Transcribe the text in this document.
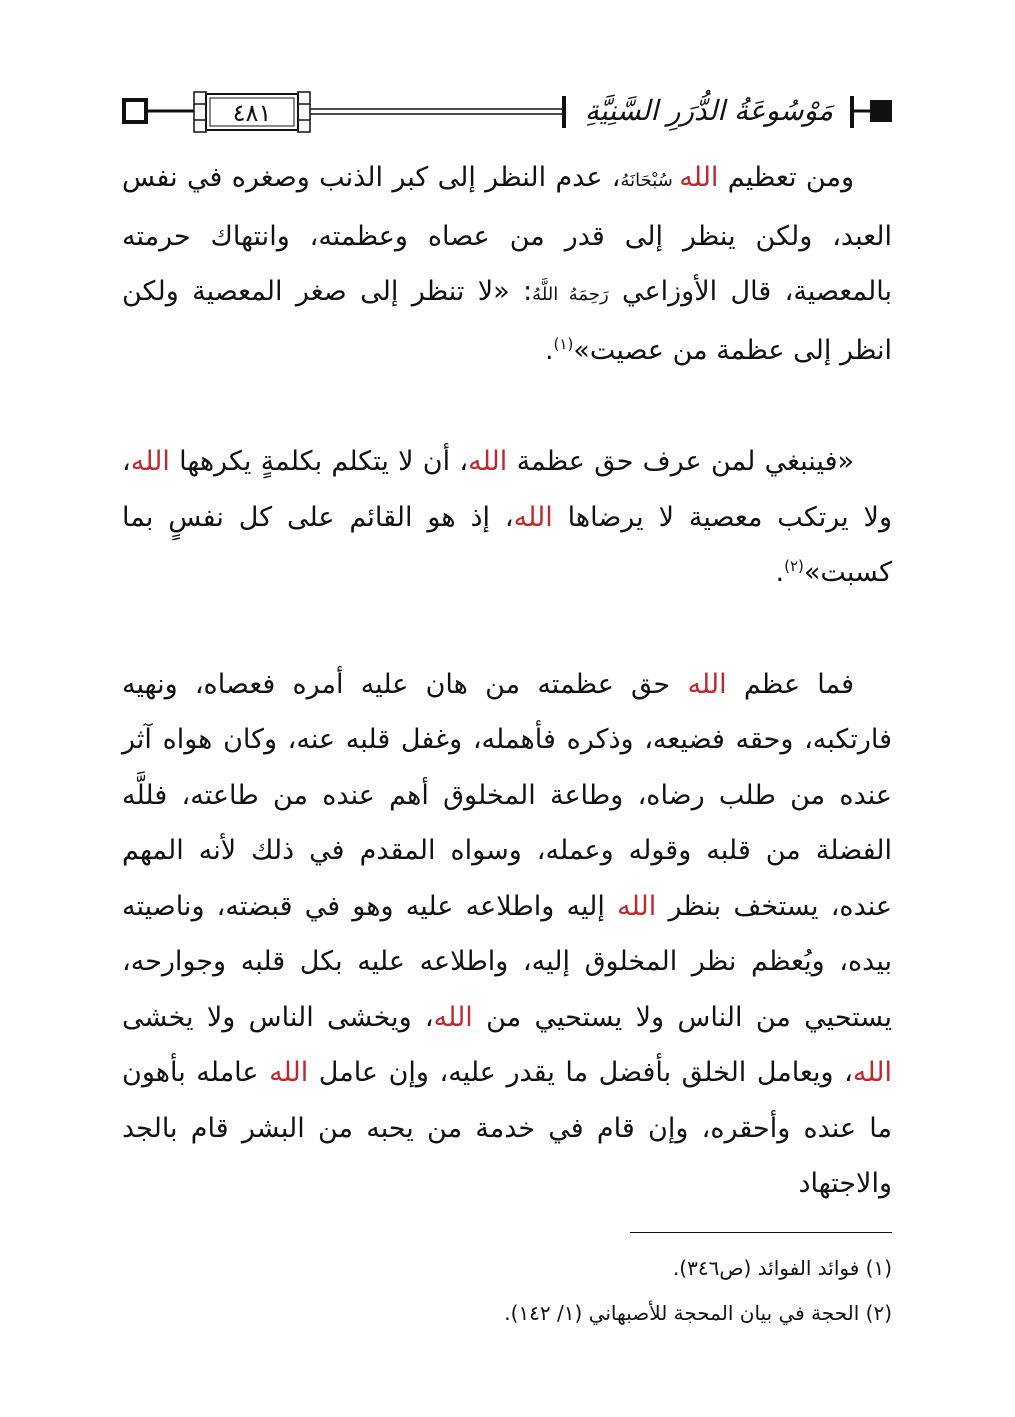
٤٨١	مَوْسُوعَةُ الدُّرَرِ السَّنِيَّةِ

ومن تعظيم الله سُبْحَانَهُ، عدم النظر إلى كبر الذنب وصغره في نفس العبد، ولكن ينظر إلى قدر من عصاه وعظمته، وانتهاك حرمته بالمعصية، قال الأوزاعي رَحِمَهُ اللَّهُ: «لا تنظر إلى صغر المعصية ولكن انظر إلى عظمة من عصيت»$^{(١)}$.

«فينبغي لمن عرف حق عظمة الله، أن لا يتكلم بكلمةٍ يكرهها الله، ولا يرتكب معصية لا يرضاها الله، إذ هو القائم على كل نفسٍ بما كسبت»$^{(٢)}$.

فما عظم الله حق عظمته من هان عليه أمره فعصاه، ونهيه فارتكبه، وحقه فضيعه، وذكره فأهمله، وغفل قلبه عنه، وكان هواه آثر عنده من طلب رضاه، وطاعة المخلوق أهم عنده من طاعته، فللَّه الفضلة من قلبه وقوله وعمله، وسواه المقدم في ذلك لأنه المهم عنده، يستخف بنظر الله إليه واطلاعه عليه وهو في قبضته، وناصيته بيده، ويُعظم نظر المخلوق إليه، واطلاعه عليه بكل قلبه وجوارحه، يستحيي من الناس ولا يستحيي من الله، ويخشى الناس ولا يخشى الله، ويعامل الخلق بأفضل ما يقدر عليه، وإن عامل الله عامله بأهون ما عنده وأحقره، وإن قام في خدمة من يحبه من البشر قام بالجد والاجتهاد

(١) فوائد الفوائد (ص٣٤٦).

(٢) الحجة في بيان المحجة للأصبهاني (١/ ١٤٢).
